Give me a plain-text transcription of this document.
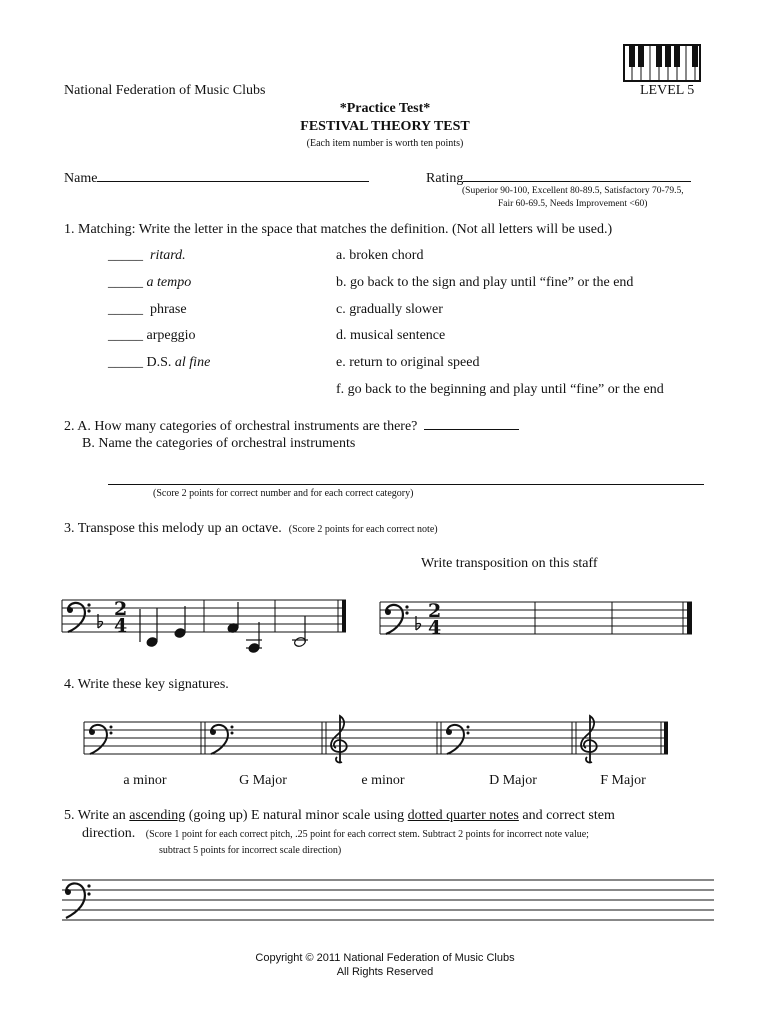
National Federation of Music Clubs	LEVEL 5
*Practice Test*
FESTIVAL THEORY TEST
(Each item number is worth ten points)
Name	Rating
(Superior 90-100, Excellent 80-89.5, Satisfactory 70-79.5,
Fair 60-69.5, Needs Improvement <60)
1. Matching: Write the letter in the space that matches the definition. (Not all letters will be used.)
_____ ritard.
_____ a tempo
_____ phrase
_____ arpeggio
_____ D.S. al fine
a. broken chord
b. go back to the sign and play until “fine” or the end
c. gradually slower
d. musical sentence
e. return to original speed
f. go back to the beginning and play until “fine” or the end
2. A. How many categories of orchestral instruments are there?
B. Name the categories of orchestral instruments
(Score 2 points for correct number and for each correct category)
3. Transpose this melody up an octave. (Score 2 points for each correct note)
Write transposition on this staff
2
4
2
4
4. Write these key signatures.
a minor	G Major	e minor	D Major	F Major
5. Write an ascending (going up) E natural minor scale using dotted quarter notes and correct stem
direction. (Score 1 point for each correct pitch, .25 point for each correct stem. Subtract 2 points for incorrect note value;
subtract 5 points for incorrect scale direction)
Copyright © 2011 National Federation of Music Clubs
All Rights Reserved
